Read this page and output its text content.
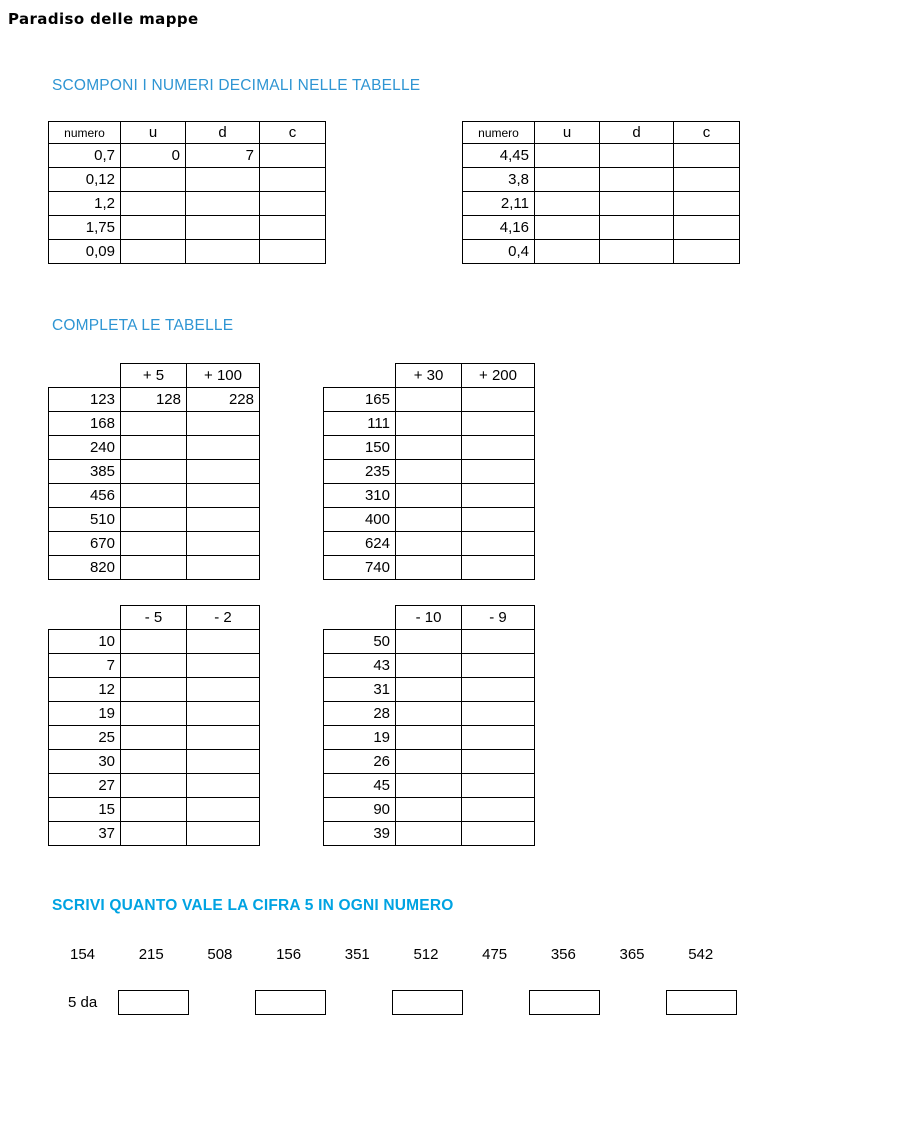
Paradiso delle mappe
SCOMPONI I NUMERI DECIMALI NELLE TABELLE
numero	u	d	c
0,7	0	7	
0,12			
1,2			
1,75			
0,09			
numero	u	d	c
4,45			
3,8			
2,11			
4,16			
0,4			
COMPLETA LE TABELLE
	+ 5	+ 100
123	128	228
168		
240		
385		
456		
510		
670		
820		
	+ 30	+ 200
165		
111		
150		
235		
310		
400		
624		
740		
	- 5	- 2
10		
7		
12		
19		
25		
30		
27		
15		
37		
	- 10	- 9
50		
43		
31		
28		
19		
26		
45		
90		
39		
SCRIVI QUANTO VALE LA CIFRA 5 IN OGNI NUMERO
154	215	508	156	351	512	475	356	365	542
5 da
